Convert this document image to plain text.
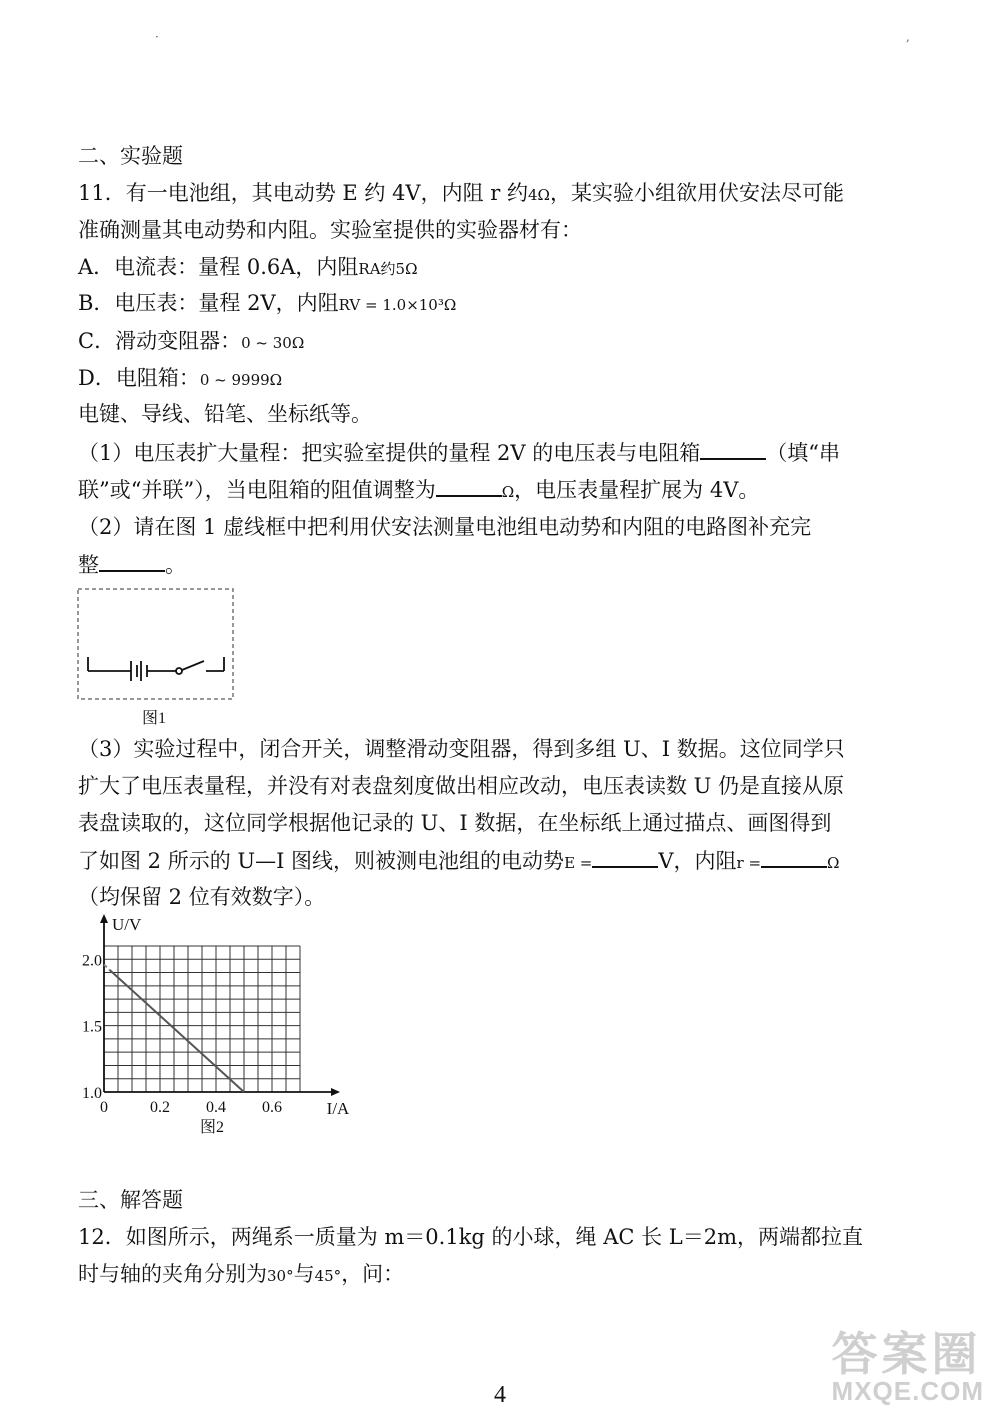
·	,
二、实验题
11．有一电池组，其电动势 E 约 4V，内阻 r 约4Ω，某实验小组欲用伏安法尽可能
准确测量其电动势和内阻。实验室提供的实验器材有：
A．电流表：量程 0.6A，内阻RA约5Ω
B．电压表：量程 2V，内阻RV = 1.0×10³Ω
C．滑动变阻器：0 ~ 30Ω
D．电阻箱：0 ~ 9999Ω
电键、导线、铅笔、坐标纸等。
（1）电压表扩大量程：把实验室提供的量程 2V 的电压表与电阻箱	（填“串
联”或“并联”），当电阻箱的阻值调整为	Ω，电压表量程扩展为 4V。
（2）请在图 1 虚线框中把利用伏安法测量电池组电动势和内阻的电路图补充完
整	。
图1
（3）实验过程中，闭合开关，调整滑动变阻器，得到多组 U、I 数据。这位同学只
扩大了电压表量程，并没有对表盘刻度做出相应改动，电压表读数 U 仍是直接从原
表盘读取的，这位同学根据他记录的 U、I 数据，在坐标纸上通过描点、画图得到
了如图 2 所示的 U—I 图线，则被测电池组的电动势E =	V，内阻r =	Ω
（均保留 2 位有效数字）。
0	0.2 0.4 0.6
1.0
1.5
2.0
I/A
U/V
图2
三、解答题
12．如图所示，两绳系一质量为 m＝0.1kg 的小球，绳 AC 长 L＝2m，两端都拉直
时与轴的夹角分别为30°与45°，问：
4
答案圈
MXQE.COM
